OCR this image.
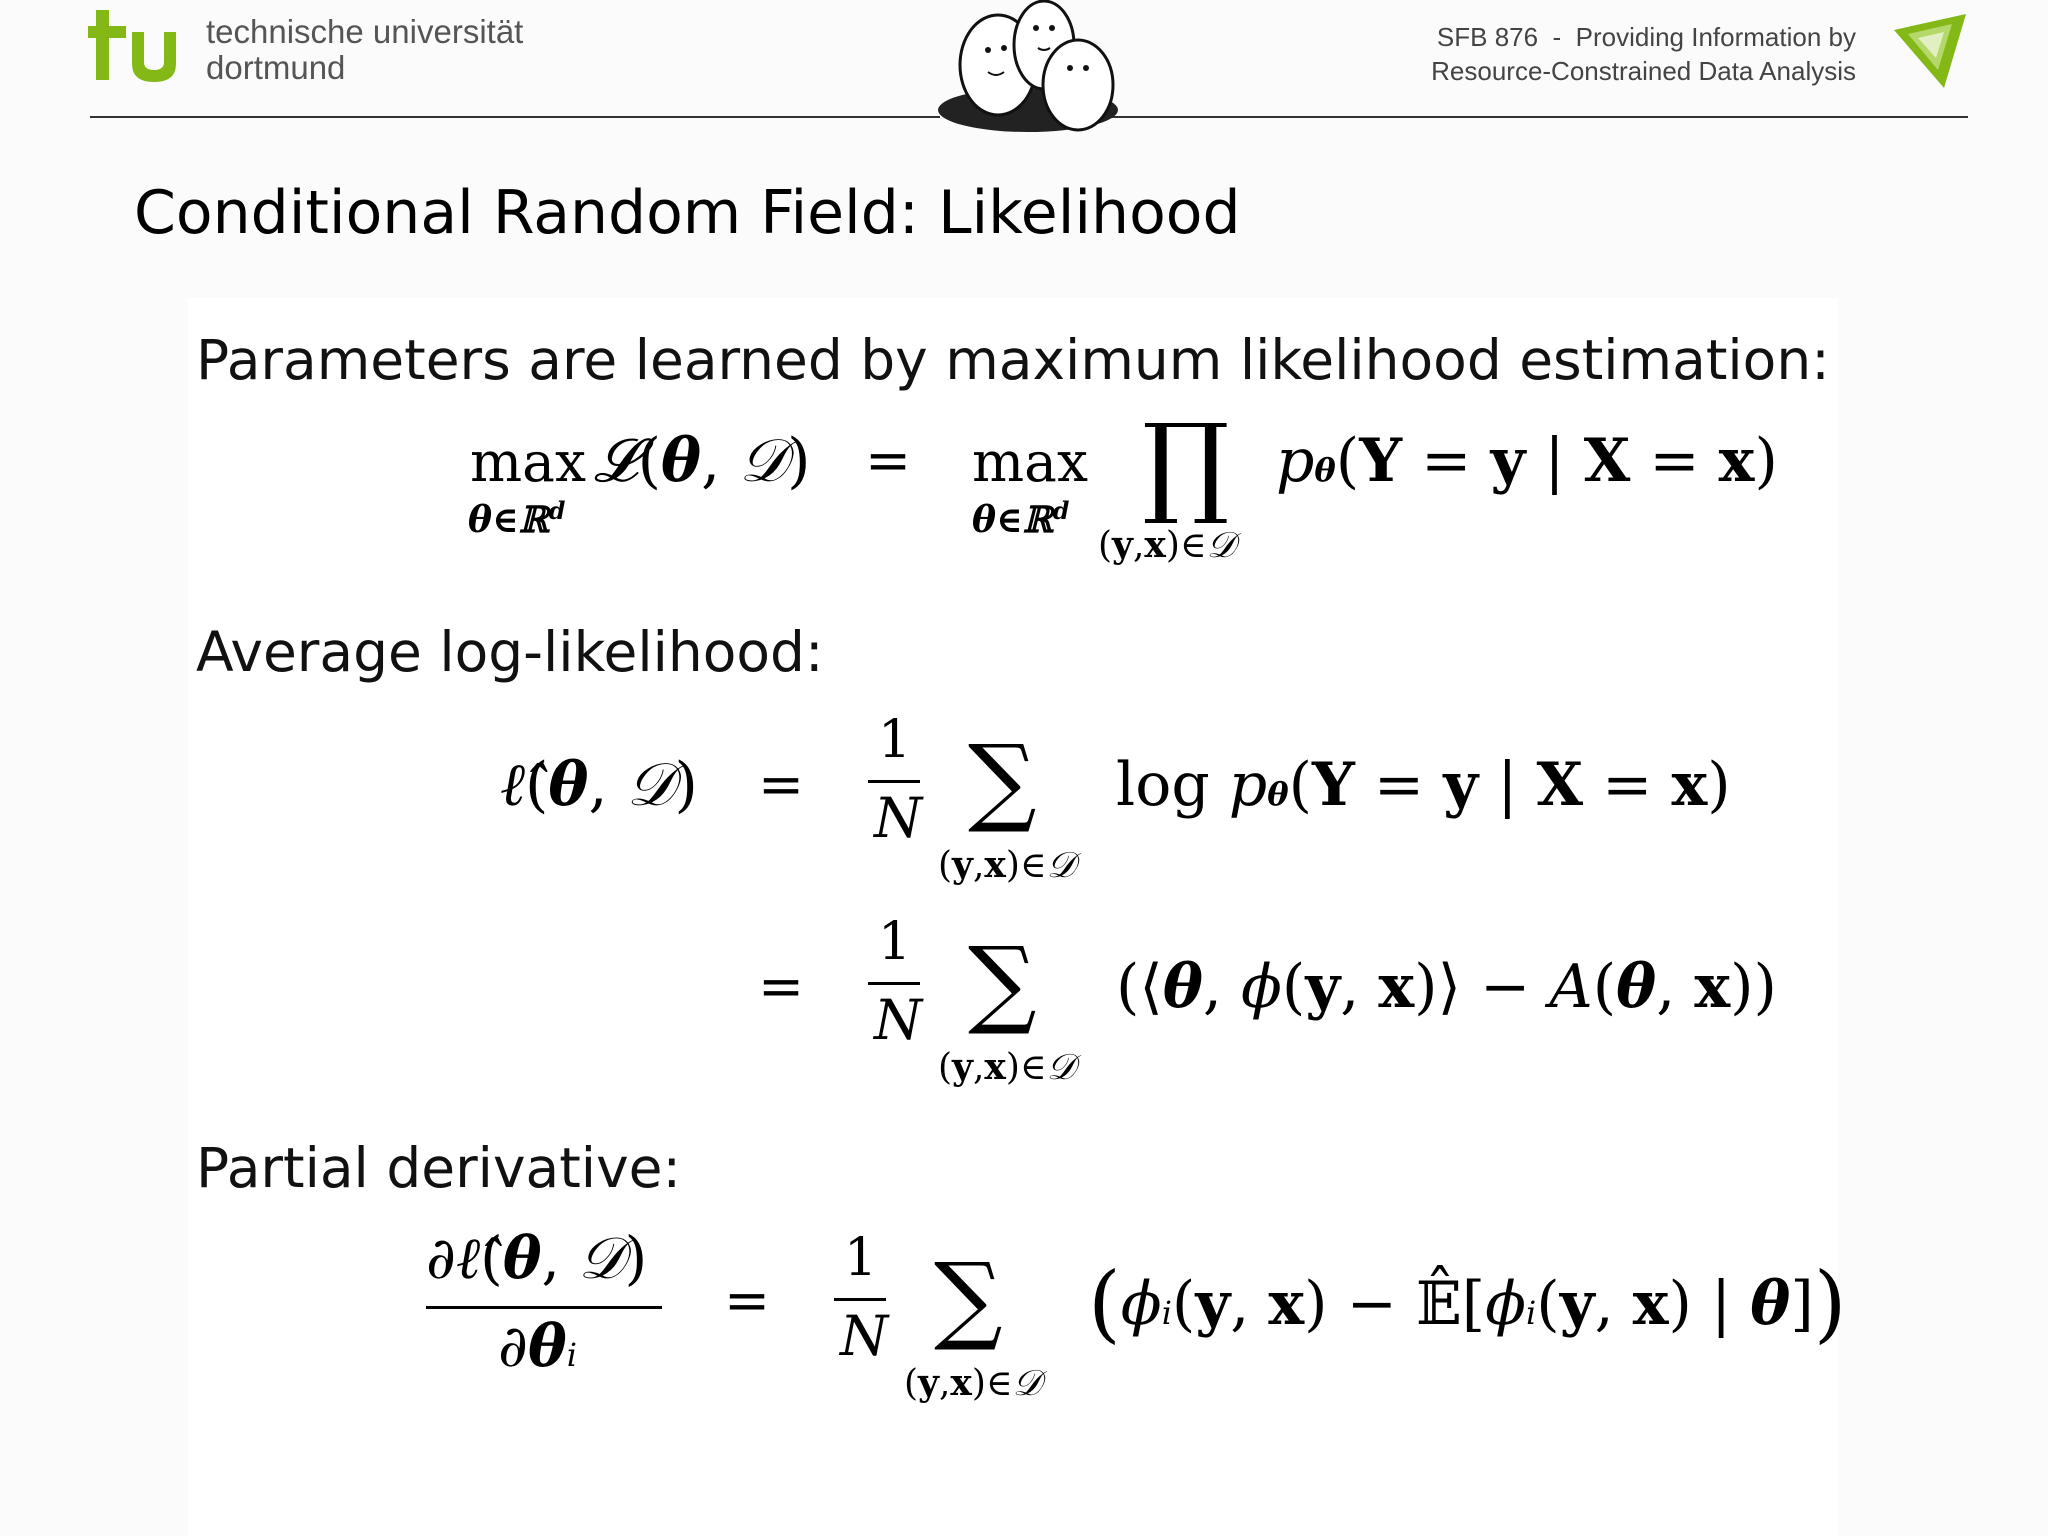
technische universität
dortmund
SFB 876  -  Providing Information by
Resource-Constrained Data Analysis
Conditional Random Field: Likelihood
Parameters are learned by maximum likelihood estimation:
max
θ∈ℝ$^d$
𝓛(θ, 𝒟) = max
θ∈ℝ$^d$ ∏
(y,x)∈𝒟
pθ(Y = y | X = x)
Average log-likelihood:
ℓ̂(θ, 𝒟) =
1
N ∑
(y,x)∈𝒟
log pθ(Y = y | X = x)
=
1
N ∑
(y,x)∈𝒟
(⟨θ, ϕ(y, x)⟩ − A(θ, x))
Partial derivative:
∂ℓ̂(θ, 𝒟)
∂θi
=
1
N ∑
(y,x)∈𝒟
(ϕi(y, x) − 𝔼̂[ϕi(y, x) | θ])
